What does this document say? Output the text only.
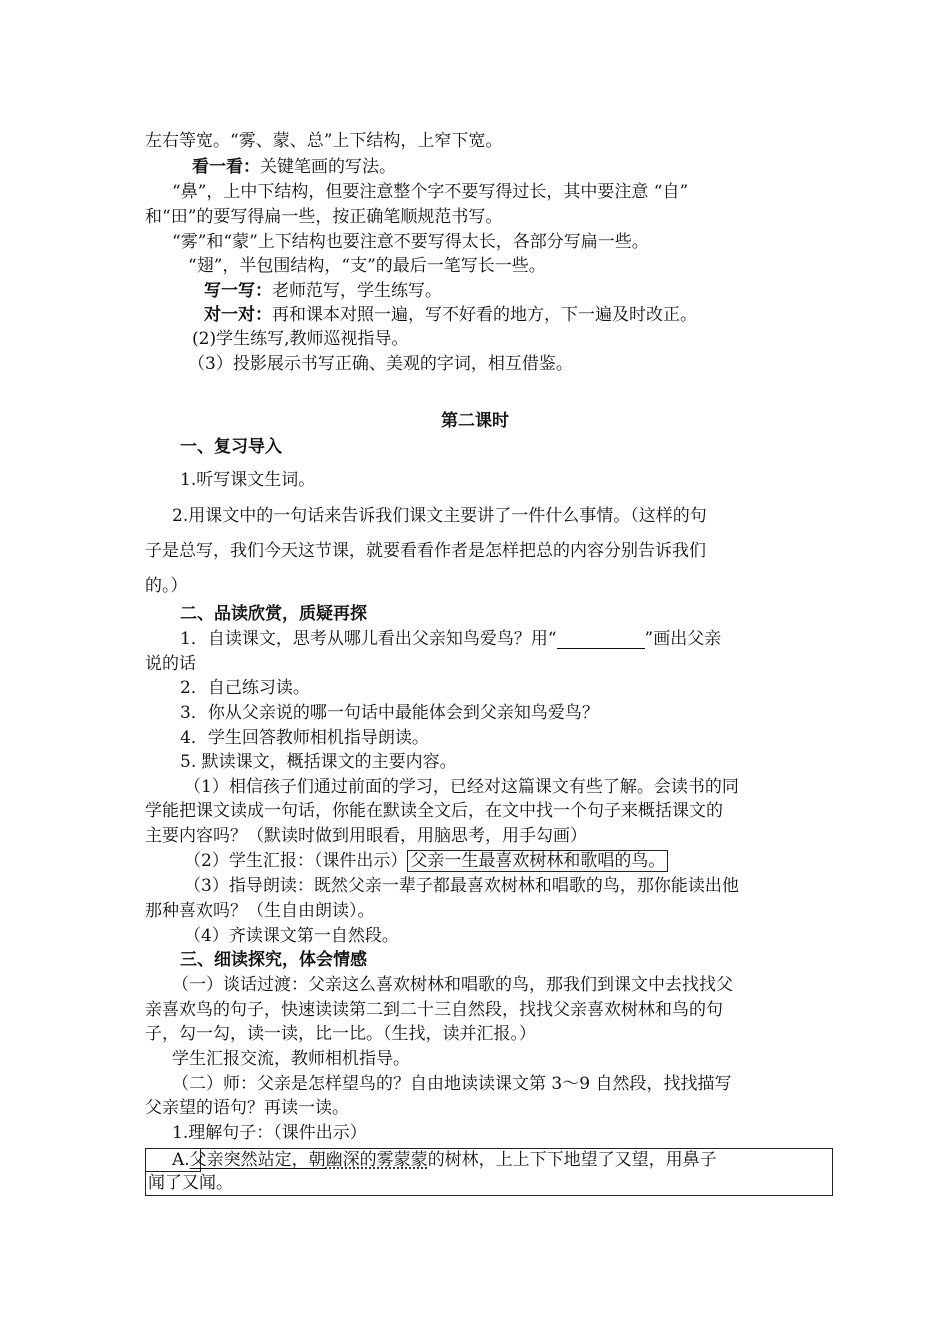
左右等宽。“雾、蒙、总”上下结构，上窄下宽。
看一看：关键笔画的写法。
“鼻”，上中下结构，但要注意整个字不要写得过长，其中要注意 “自”
和“田”的要写得扁一些，按正确笔顺规范书写。
“雾”和“蒙”上下结构也要注意不要写得太长，各部分写扁一些。
“翅”，半包围结构，“支”的最后一笔写长一些。
写一写：老师范写，学生练写。
对一对：再和课本对照一遍，写不好看的地方，下一遍及时改正。
(2)学生练写,教师巡视指导。
（3）投影展示书写正确、美观的字词，相互借鉴。
第二课时
一、复习导入
1.听写课文生词。
2.用课文中的一句话来告诉我们课文主要讲了一件什么事情。（这样的句
子是总写，我们今天这节课，就要看看作者是怎样把总的内容分别告诉我们
的。）
二、品读欣赏，质疑再探
1．自读课文，思考从哪儿看出父亲知鸟爱鸟？用“	”画出父亲
说的话
2．自己练习读。
3．你从父亲说的哪一句话中最能体会到父亲知鸟爱鸟？
4．学生回答教师相机指导朗读。
5. 默读课文，概括课文的主要内容。
（1）相信孩子们通过前面的学习，已经对这篇课文有些了解。会读书的同
学能把课文读成一句话，你能在默读全文后，在文中找一个句子来概括课文的
主要内容吗？（默读时做到用眼看，用脑思考，用手勾画）
（2）学生汇报：（课件出示） 父亲一生最喜欢树林和歌唱的鸟。
（3）指导朗读：既然父亲一辈子都最喜欢树林和唱歌的鸟，那你能读出他
那种喜欢吗？（生自由朗读）。
（4）齐读课文第一自然段。
三、细读探究，体会情感
（一）谈话过渡：父亲这么喜欢树林和唱歌的鸟，那我们到课文中去找找父
亲喜欢鸟的句子，快速读读第二到二十三自然段，找找父亲喜欢树林和鸟的句
子，勾一勾，读一读，比一比。（生找，读并汇报。）
学生汇报交流，教师相机指导。
（二）师：父亲是怎样望鸟的？自由地读读课文第 3～9 自然段，找找描写
父亲望的语句？再读一读。
1.理解句子：（课件出示）
A.父亲突然站定，朝幽深的雾蒙蒙的树林，上上下下地望了又望，用鼻子
闻了又闻。
